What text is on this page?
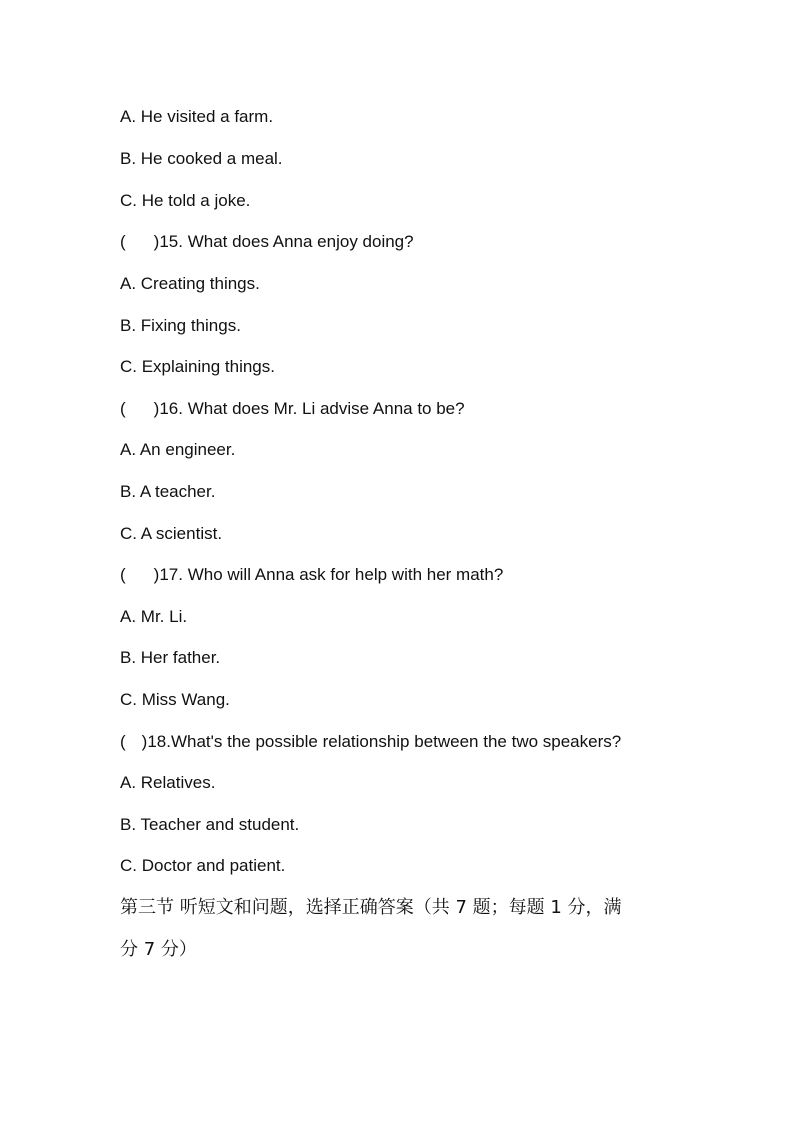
A. He visited a farm.
B. He cooked a meal.
C. He told a joke.
( ) 15. What does Anna enjoy doing?
A. Creating things.
B. Fixing things.
C. Explaining things.
( ) 16. What does Mr. Li advise Anna to be?
A. An engineer.
B. A teacher.
C. A scientist.
( ) 17. Who will Anna ask for help with her math?
A. Mr. Li.
B. Her father.
C. Miss Wang.
( ) 18.What's the possible relationship between the two speakers?
A. Relatives.
B. Teacher and student.
C. Doctor and patient.
第三节 听短文和问题，选择正确答案（共 7 题；每题 1 分，满
分 7 分）
